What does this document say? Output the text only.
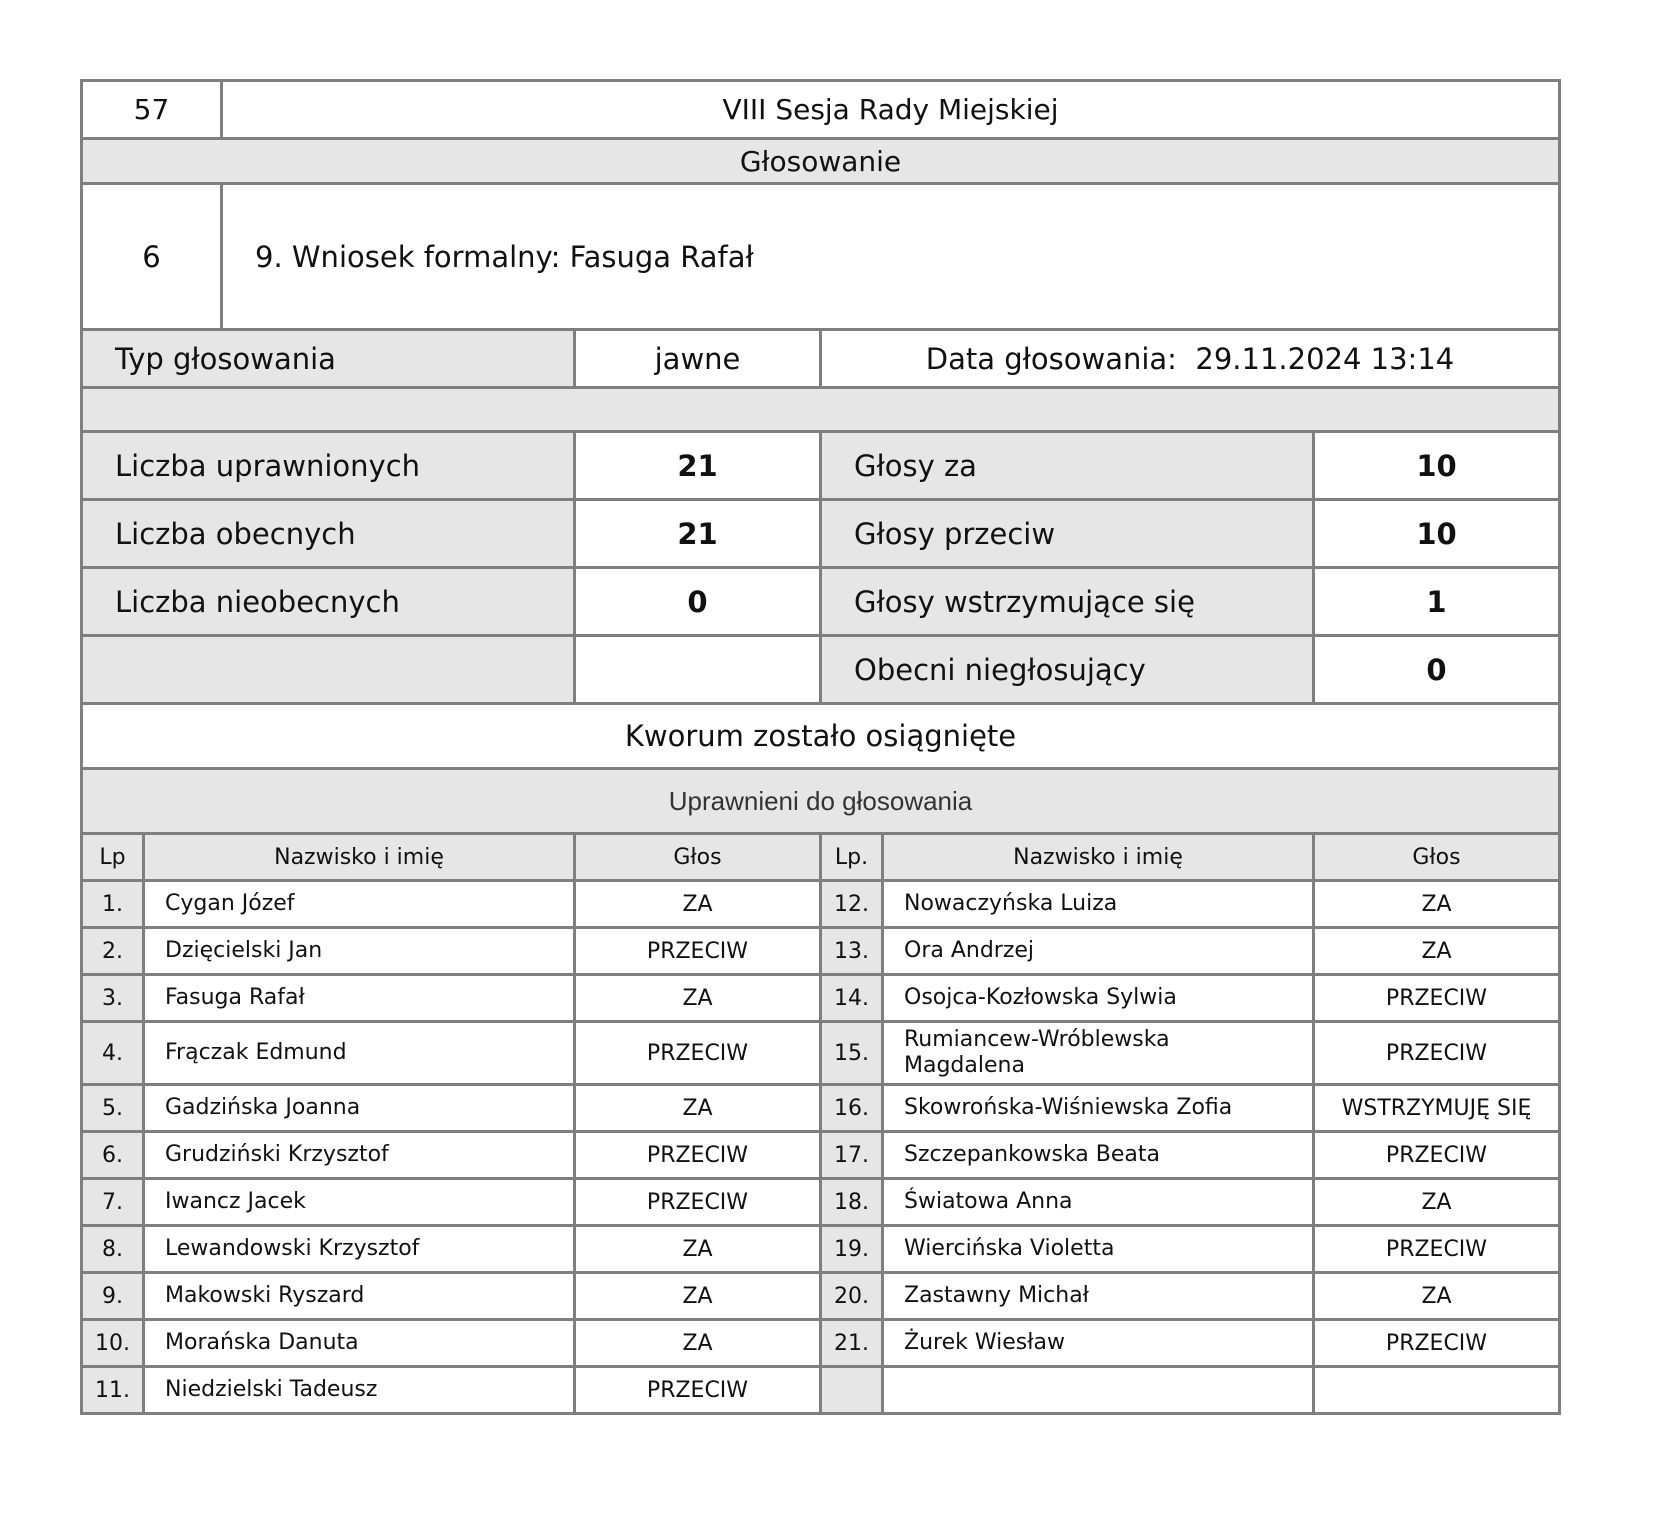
57	VIII Sesja Rady Miejskiej
Głosowanie	
6	9. Wniosek formalny: Fasuga Rafał
Typ głosowania	jawne	Data głosowania: 29.11.2024 13:14	

Liczba uprawnionych	21	Głosy za	10
Liczba obecnych	21	Głosy przeciw	10
Liczba nieobecnych	0	Głosy wstrzymujące się	1
		Obecni niegłosujący	0
Kworum zostało osiągnięte			
Uprawnieni do głosowania			
Lp	Nazwisko i imię	Głos	Lp.	Nazwisko i imię	Głos
1.	Cygan Józef	ZA	12.	Nowaczyńska Luiza	ZA
2.	Dzięcielski Jan	PRZECIW	13.	Ora Andrzej	ZA
3.	Fasuga Rafał	ZA	14.	Osojca-Kozłowska Sylwia	PRZECIW
4.	Frączak Edmund	PRZECIW	15.	Rumiancew-Wróblewska Magdalena	PRZECIW
5.	Gadzińska Joanna	ZA	16.	Skowrońska-Wiśniewska Zofia	WSTRZYMUJĘ SIĘ
6.	Grudziński Krzysztof	PRZECIW	17.	Szczepankowska Beata	PRZECIW
7.	Iwancz Jacek	PRZECIW	18.	Światowa Anna	ZA
8.	Lewandowski Krzysztof	ZA	19.	Wiercińska Violetta	PRZECIW
9.	Makowski Ryszard	ZA	20.	Zastawny Michał	ZA
10.	Morańska Danuta	ZA	21.	Żurek Wiesław	PRZECIW
11.	Niedzielski Tadeusz	PRZECIW			
